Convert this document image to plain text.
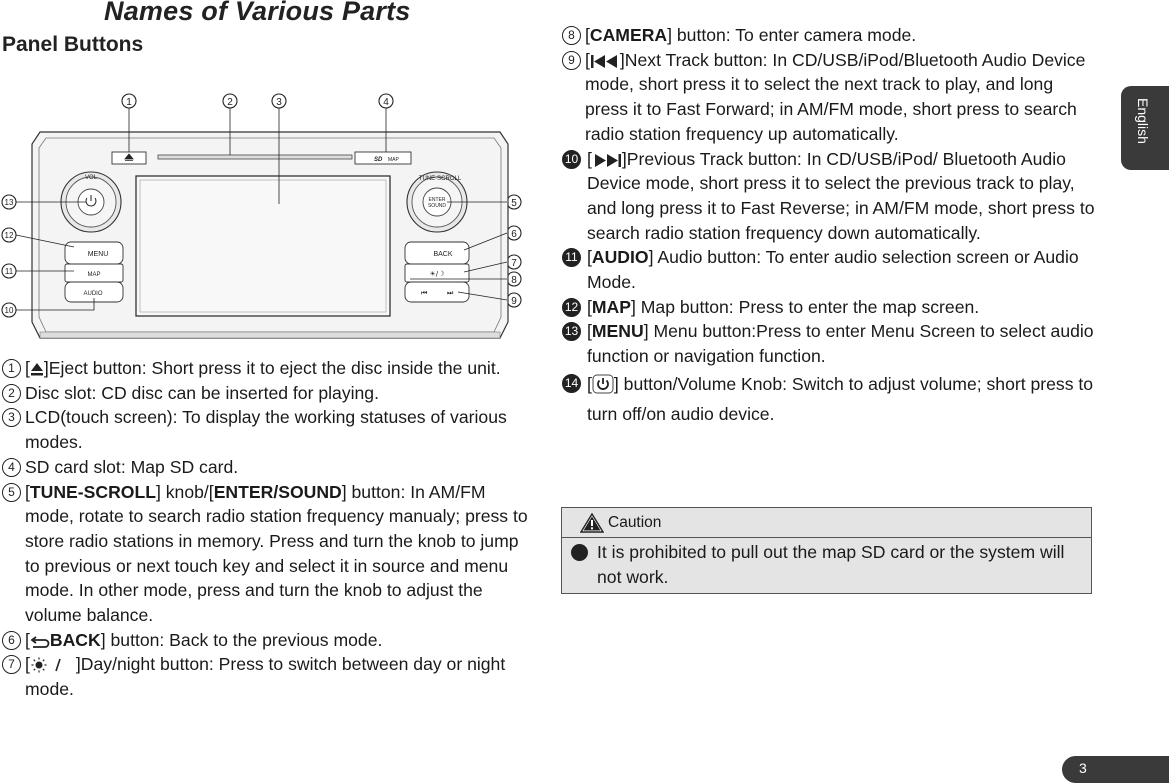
Names of Various Parts
Panel Buttons
English
1	2	3	4
13
12
11
10
5
6
7
8
9
SD MAP
VOL
MENU
MAP
AUDIO
TUNE·SCROLL
ENTER
SOUND
BACK
☀/☽
⏮	⏭
1 [ ]Eject button: Short press it to eject the disc inside the unit.
2 Disc slot: CD disc can be inserted for playing.
3 LCD(touch screen): To display the working statuses of various modes.
4 SD card slot: Map SD card.
5 [TUNE-SCROLL] knob/[ENTER/SOUND] button: In AM/FM mode, rotate to search radio station frequency manualy; press to store radio stations in memory. Press and turn the knob to jump to previous or next touch key and select it in source and menu mode. In other mode, press and turn the knob to adjust the volume balance.
6 [ BACK] button: Back to the previous mode.
7 [	]Day/night button: Press to switch between day or night mode.
8 [CAMERA] button: To enter camera mode.
9 [ ]Next Track button: In CD/USB/iPod/Bluetooth Audio Device mode, short press it to select the next track to play, and long press it to Fast Forward; in AM/FM mode, short press to search radio station frequency up automatically.
10 [ ]Previous Track button: In CD/USB/iPod/ Bluetooth Audio Device mode, short press it to select the previous track to play, and long press it to Fast Reverse; in AM/FM mode, short press to search radio station frequency down automatically.
11 [AUDIO] Audio button: To enter audio selection screen or Audio Mode.
12 [MAP] Map button: Press to enter the map screen.
13 [MENU] Menu button:Press to enter Menu Screen to select audio function or navigation function.
14 [ ] button/Volume Knob: Switch to adjust volume; short press to turn off/on audio device.
Caution
It is prohibited to pull out the map SD card or the system will not work.
3
